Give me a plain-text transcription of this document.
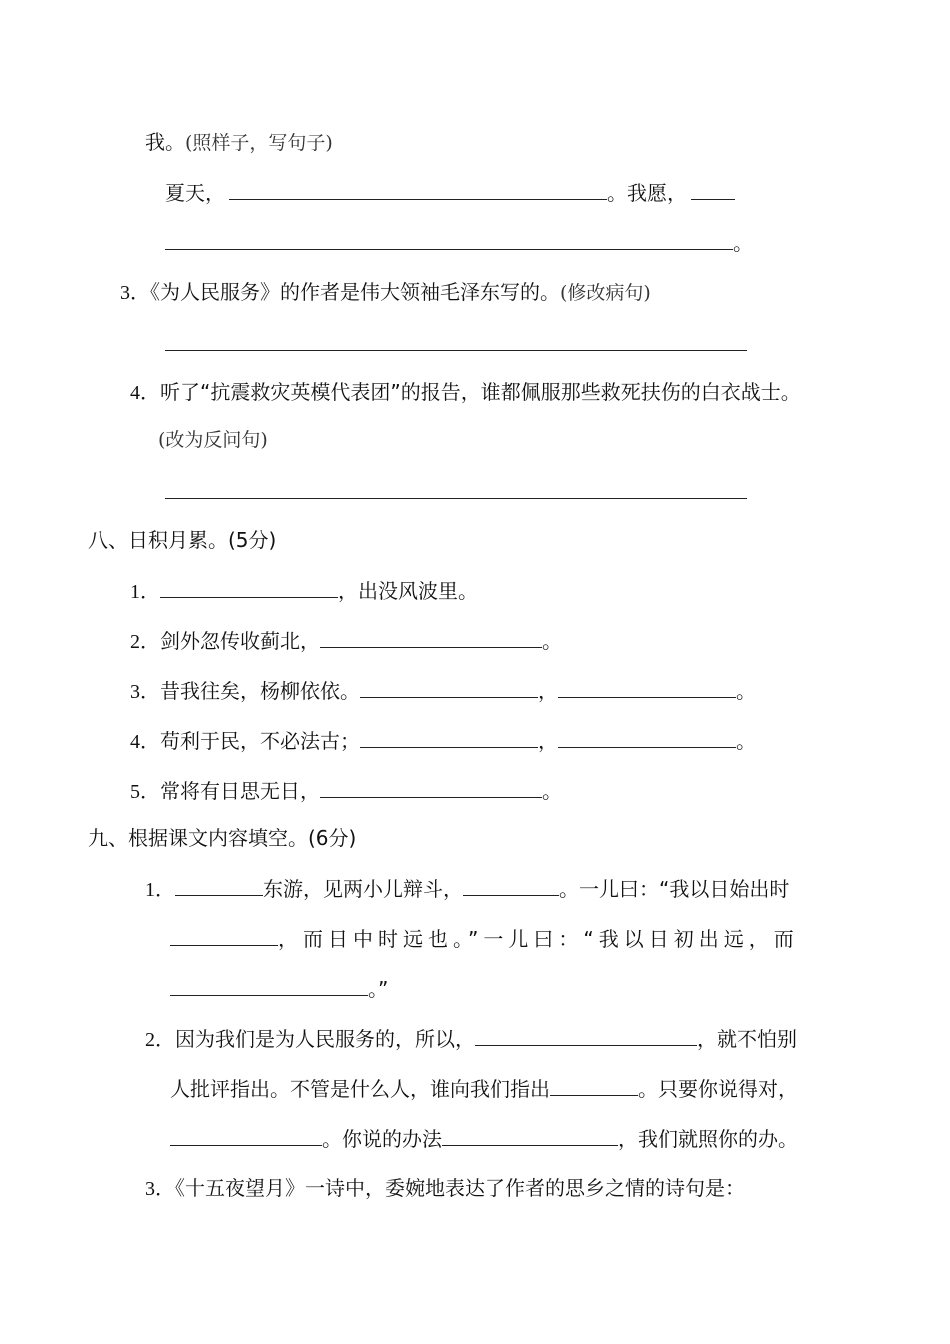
我。(照样子，写句子)
夏天，	。我愿，
。
3．《为人民服务》的作者是伟大领袖毛泽东写的。(修改病句)
4．听了“抗震救灾英模代表团”的报告，谁都佩服那些救死扶伤的白衣战士。
(改为反问句)
八、日积月累。(5分)
1．	，出没风波里。
2．剑外忽传收蓟北，	。
3．昔我往矣，杨柳依依。	，	。
4．苟利于民，不必法古；	，	。
5．常将有日思无日，	。
九、根据课文内容填空。(6分)
1．	东游，见两小儿辩斗，	。一儿曰：“我以日始出时
，而日中时远也。”一儿曰：“我以日初出远，而
。”
2．因为我们是为人民服务的，所以，	，就不怕别
人批评指出。不管是什么人，谁向我们指出	。只要你说得对，
。你说的办法	，我们就照你的办。
3．《十五夜望月》一诗中，委婉地表达了作者的思乡之情的诗句是：
